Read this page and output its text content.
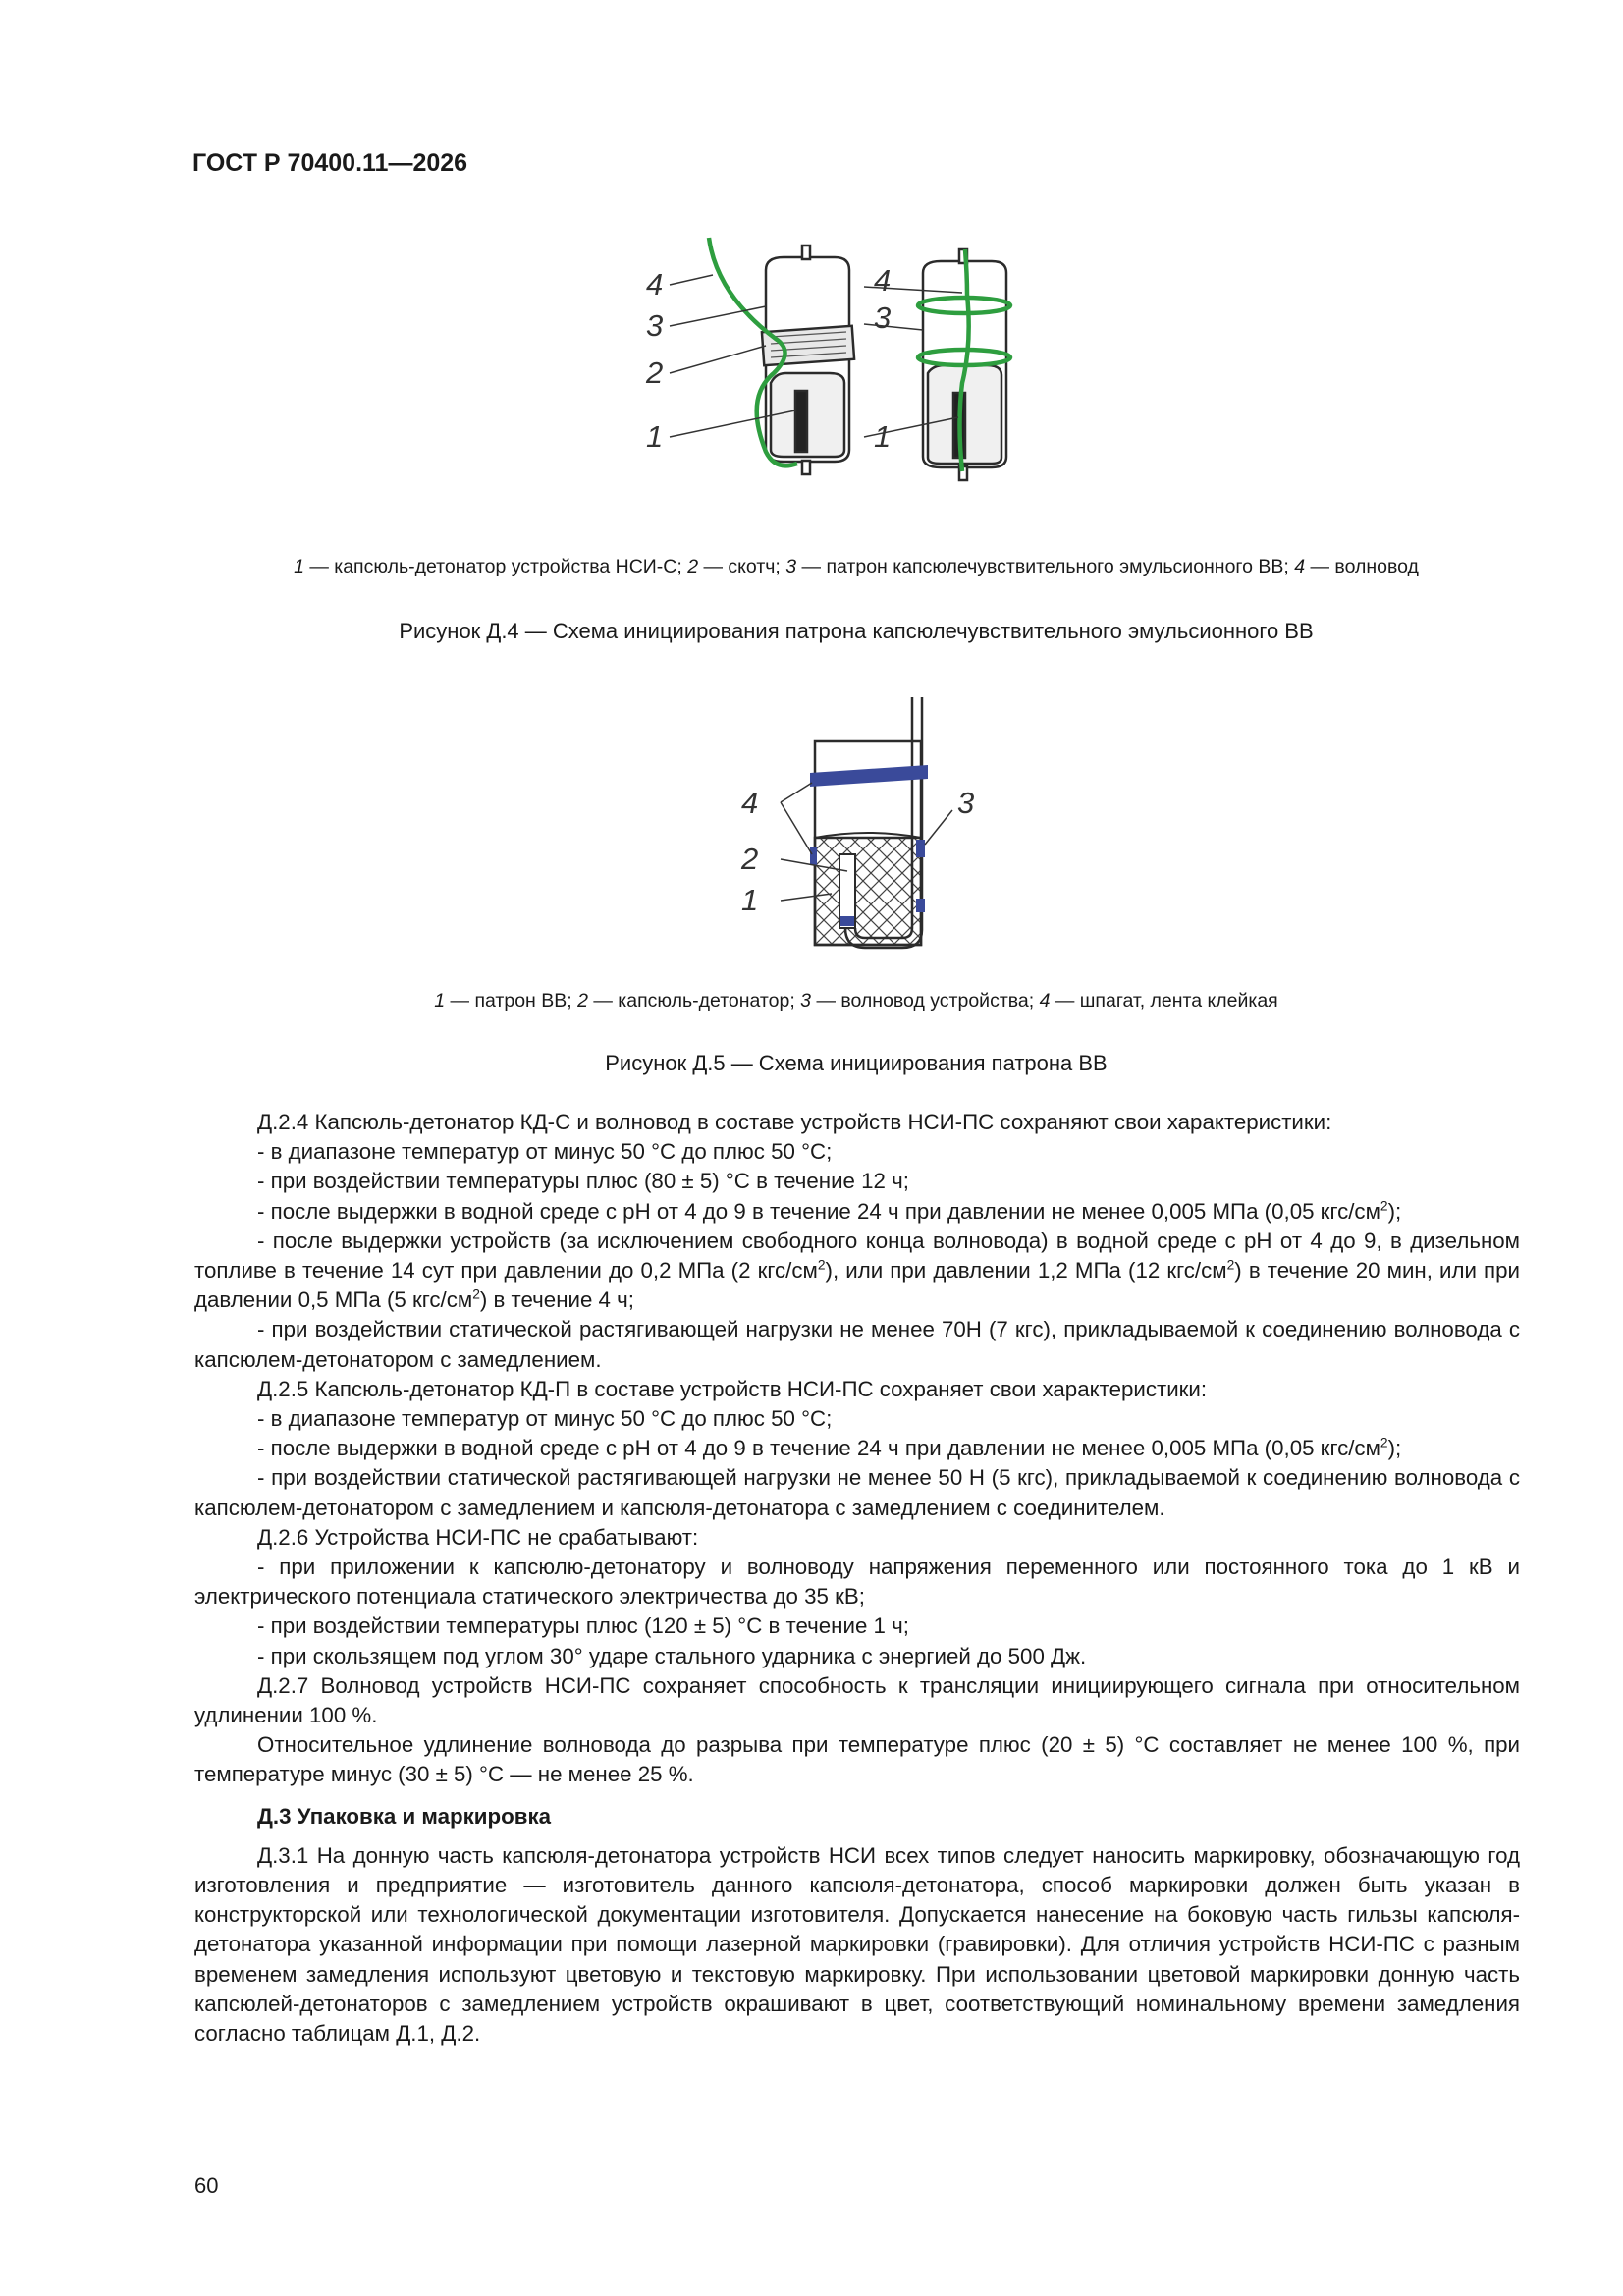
ГОСТ Р 70400.11—2026
4
3
2
1
4
3
1
1 — капсюль-детонатор устройства НСИ-С; 2 — скотч; 3 — патрон капсюлечувствительного эмульсионного ВВ; 4 — волновод
Рисунок Д.4 — Схема инициирования патрона капсюлечувствительного эмульсионного ВВ
4	3
2
1
1 — патрон ВВ; 2 — капсюль-детонатор; 3 — волновод устройства; 4 — шпагат, лента клейкая
Рисунок Д.5 — Схема инициирования патрона ВВ

Д.2.4 Капсюль-детонатор КД-С и волновод в составе устройств НСИ-ПС сохраняют свои характеристики:

- в диапазоне температур от минус 50 °С до плюс 50 °С;

- при воздействии температуры плюс (80 ± 5) °С в течение 12 ч;

- после выдержки в водной среде с pH от 4 до 9 в течение 24 ч при давлении не менее 0,005 МПа (0,05 кгс/$см^2$);

- после выдержки устройств (за исключением свободного конца волновода) в водной среде с pH от 4 до 9, в дизельном топливе в течение 14 сут при давлении до 0,2 МПа (2 кгс/$см^2$), или при давлении 1,2 МПа (12 кгс/$см^2$) в течение 20 мин, или при давлении 0,5 МПа (5 кгс/$см^2$) в течение 4 ч;

- при воздействии статической растягивающей нагрузки не менее 70Н (7 кгс), прикладываемой к соединению волновода с капсюлем-детонатором с замедлением.

Д.2.5 Капсюль-детонатор КД-П в составе устройств НСИ-ПС сохраняет свои характеристики:

- в диапазоне температур от минус 50 °С до плюс 50 °С;

- после выдержки в водной среде с pH от 4 до 9 в течение 24 ч при давлении не менее 0,005 МПа (0,05 кгс/$см^2$);

- при воздействии статической растягивающей нагрузки не менее 50 Н (5 кгс), прикладываемой к соединению волновода с капсюлем-детонатором с замедлением и капсюля-детонатора с замедлением с соединителем.

Д.2.6 Устройства НСИ-ПС не срабатывают:

- при приложении к капсюлю-детонатору и волноводу напряжения переменного или постоянного тока до 1 кВ и электрического потенциала статического электричества до 35 кВ;

- при воздействии температуры плюс (120 ± 5) °С в течение 1 ч;

- при скользящем под углом 30° ударе стального ударника с энергией до 500 Дж.

Д.2.7 Волновод устройств НСИ-ПС сохраняет способность к трансляции инициирующего сигнала при относительном удлинении 100 %.

Относительное удлинение волновода до разрыва при температуре плюс (20 ± 5) °С составляет не менее 100 %, при температуре минус (30 ± 5) °С — не менее 25 %.

Д.3 Упаковка и маркировка

Д.3.1 На донную часть капсюля-детонатора устройств НСИ всех типов следует наносить маркировку, обозначающую год изготовления и предприятие — изготовитель данного капсюля-детонатора, способ маркировки должен быть указан в конструкторской или технологической документации изготовителя. Допускается нанесение на боковую часть гильзы капсюля-детонатора указанной информации при помощи лазерной маркировки (гравировки). Для отличия устройств НСИ-ПС с разным временем замедления используют цветовую и текстовую маркировку. При использовании цветовой маркировки донную часть капсюлей-детонаторов с замедлением устройств окрашивают в цвет, соответствующий номинальному времени замедления согласно таблицам Д.1, Д.2.

60
